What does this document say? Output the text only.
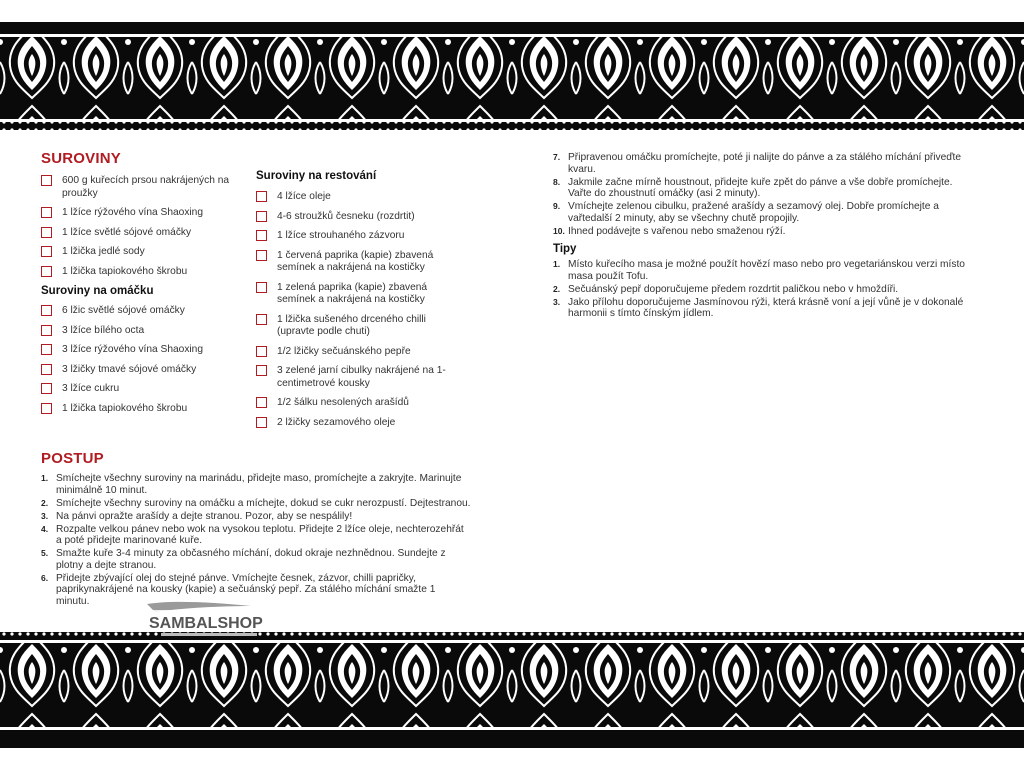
SUROVINY
600 g kuřecích prsou nakrájených na proužky
1 lžíce rýžového vína Shaoxing
1 lžíce světlé sójové omáčky
1 lžička jedlé sody
1 lžička tapiokového škrobu
Suroviny na omáčku
6 lžic světlé sójové omáčky
3 lžíce bílého octa
3 lžíce rýžového vína Shaoxing
3 lžičky tmavé sójové omáčky
3 lžíce cukru
1 lžička tapiokového škrobu
Suroviny na restování
4 lžíce oleje
4-6 stroužků česneku (rozdrtit)
1 lžíce strouhaného zázvoru
1 červená paprika (kapie) zbavená semínek a nakrájená na kostičky
1 zelená paprika (kapie) zbavená semínek a nakrájená na kostičky
1 lžička sušeného drceného chilli (upravte podle chuti)
1/2 lžičky sečuánského pepře
3 zelené jarní cibulky nakrájené na 1-centimetrové kousky
1/2 šálku nesolených arašídů
2 lžičky sezamového oleje
POSTUP
1. Smíchejte všechny suroviny na marinádu, přidejte maso, promíchejte a zakryjte. Marinujte minimálně 10 minut.
2. Smíchejte všechny suroviny na omáčku a míchejte, dokud se cukr nerozpustí. Dejtestranou.
3. Na pánvi opražte arašídy a dejte stranou. Pozor, aby se nespálily!
4. Rozpalte velkou pánev nebo wok na vysokou teplotu. Přidejte 2 lžíce oleje, nechterozehřát a poté přidejte marinované kuře.
5. Smažte kuře 3-4 minuty za občasného míchání, dokud okraje nezhnědnou. Sundejte z plotny a dejte stranou.
6. Přidejte zbývající olej do stejné pánve. Vmíchejte česnek, zázvor, chilli papričky, paprikynakrájené na kousky (kapie) a sečuánský pepř. Za stálého míchání smažte 1 minutu.
7. Připravenou omáčku promíchejte, poté ji nalijte do pánve a za stálého míchání přiveďte kvaru.
8. Jakmile začne mírně houstnout, přidejte kuře zpět do pánve a vše dobře promíchejte. Vařte do zhoustnutí omáčky (asi 2 minuty).
9. Vmíchejte zelenou cibulku, pražené arašídy a sezamový olej. Dobře promíchejte a vařtedalší 2 minuty, aby se všechny chutě propojily.
10. Ihned podávejte s vařenou nebo smaženou rýží.
Tipy
1. Místo kuřecího masa je možné použít hovězí maso nebo pro vegetariánskou verzi místo masa použít Tofu.
2. Sečuánský pepř doporučujeme předem rozdrtit paličkou nebo v hmoždíři.
3. Jako přílohu doporučujeme Jasmínovou rýži, která krásně voní a její vůně je v dokonalé harmonii s tímto čínským jídlem.
SAMBALSHOP
